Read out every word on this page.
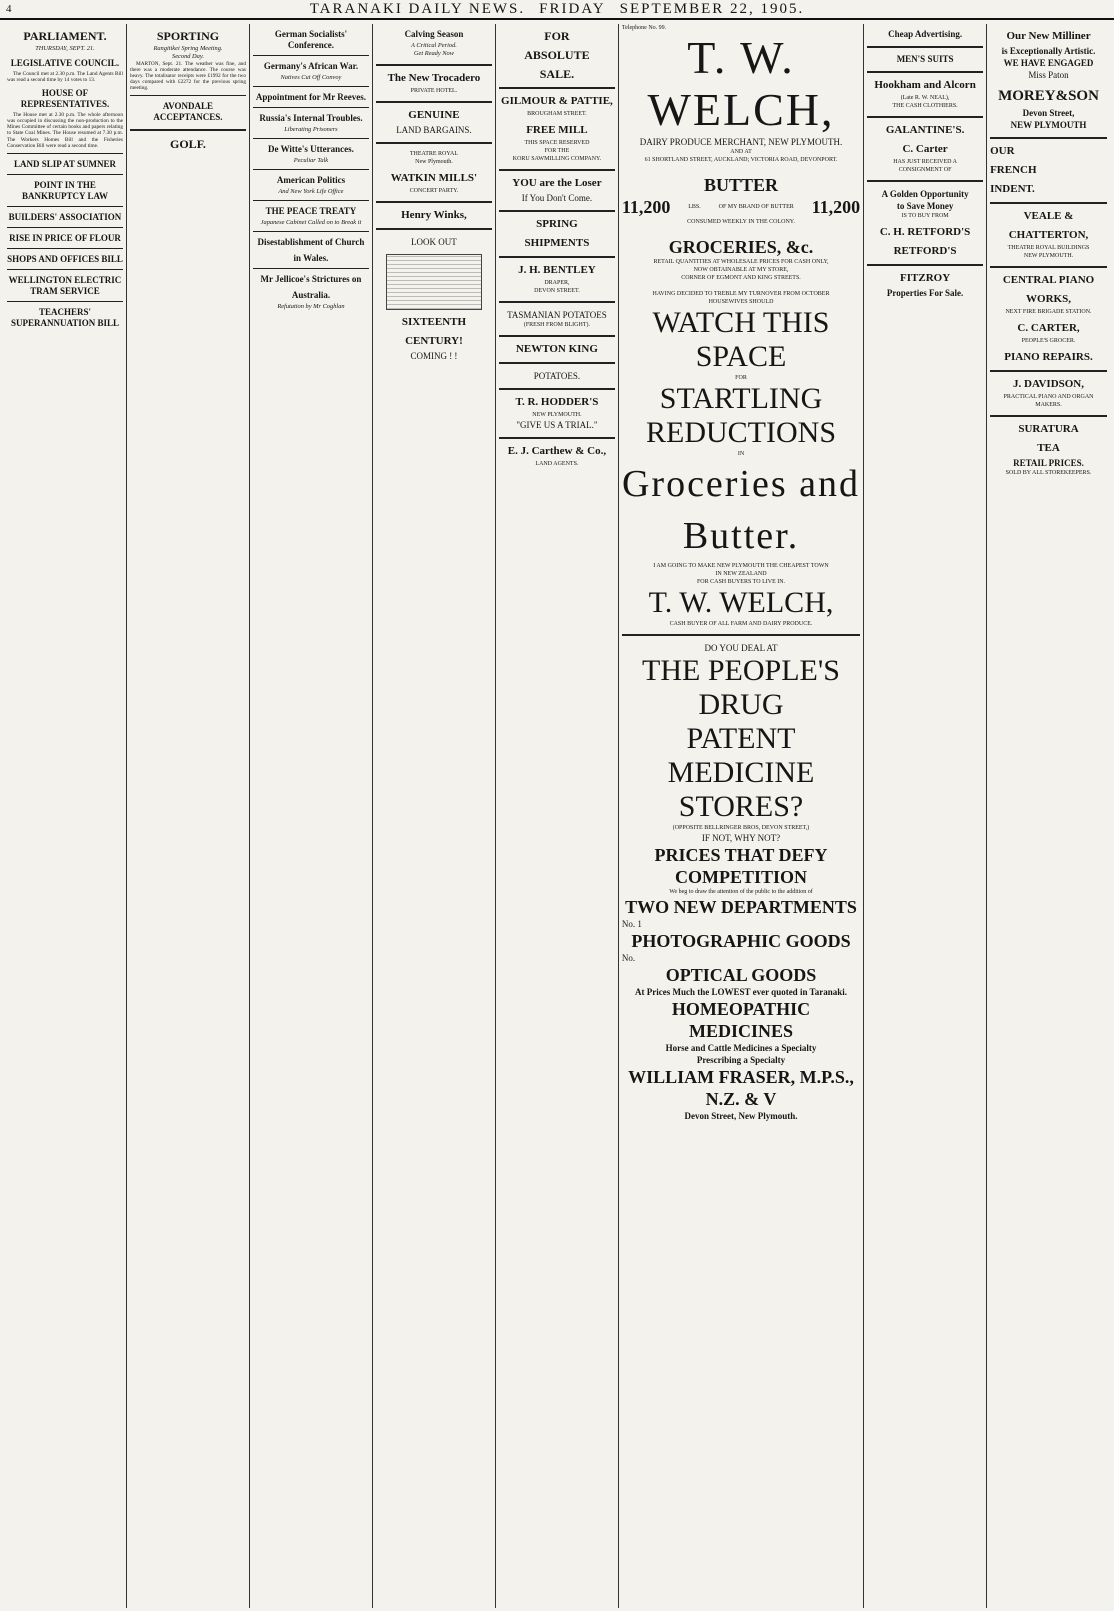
4	TARANAKI DAILY NEWS. FRIDAY SEPTEMBER 22, 1905.
PARLIAMENT.
THURSDAY, SEPT. 21.
LEGISLATIVE COUNCIL.

The Council met at 2.30 p.m. The Land Agents Bill was read a second time by 14 votes to 13.

HOUSE OF REPRESENTATIVES.

The House met at 2.30 p.m. The whole afternoon was occupied in discussing the non-production to the Mines Committee of certain books and papers relating to State Coal Mines. The House resumed at 7.30 p.m. The Workers Homes Bill and the Fisheries Conservation Bill were read a second time.

LAND SLIP AT SUMNER
POINT IN THE BANKRUPTCY LAW
BUILDERS' ASSOCIATION
RISE IN PRICE OF FLOUR
SHOPS AND OFFICES BILL
WELLINGTON ELECTRIC TRAM SERVICE
TEACHERS' SUPERANNUATION BILL
SPORTING
Rangitikei Spring Meeting.
Second Day.

MARTON, Sept. 21. The weather was fine, and there was a moderate attendance. The course was heavy. The totalisator receipts were £1992 for the two days compared with £2272 for the previous spring meeting.

AVONDALE ACCEPTANCES.
GOLF.
German Socialists' Conference.
Germany's African War.
Natives Cut Off Convoy
Appointment for Mr Reeves.
Russia's Internal Troubles.
Liberating Prisoners
De Witte's Utterances.
Peculiar Talk
American Politics
And New York Life Office
THE PEACE TREATY
Japanese Cabinet Called on to Break it
Disestablishment of Church
in Wales.
Mr Jellicoe's Strictures on
Australia.
Refutation by Mr Coghlan
Calving Season
A Critical Period.
Get Ready Now
The New Trocadero
PRIVATE HOTEL.
GENUINE
LAND BARGAINS.
THEATRE ROYAL
New Plymouth.
WATKIN MILLS'
CONCERT PARTY.
Henry Winks,
LOOK OUT
SIXTEENTH
CENTURY!
COMING ! !
FOR
ABSOLUTE
SALE.
GILMOUR & PATTIE,
BROUGHAM STREET.
FREE MILL
THIS SPACE RESERVED
FOR THE
KORU SAWMILLING COMPANY.
YOU are the Loser
If You Don't Come.
SPRING
SHIPMENTS
J. H. BENTLEY
DRAPER,
DEVON STREET.
TASMANIAN POTATOES
(FRESH FROM BLIGHT).
NEWTON KING
POTATOES.
T. R. HODDER'S
NEW PLYMOUTH.
"GIVE US A TRIAL."
E. J. Carthew & Co.,
LAND AGENTS.
Telephone No. 99.
T. W. WELCH,
DAIRY PRODUCE MERCHANT, NEW PLYMOUTH.
AND AT
61 SHORTLAND STREET, AUCKLAND; VICTORIA ROAD, DEVONPORT.
BUTTER
11,200	LBS.	OF MY BRAND OF BUTTER 11,200
CONSUMED WEEKLY IN THE COLONY.
GROCERIES, &c.
RETAIL QUANTITIES AT WHOLESALE PRICES FOR CASH ONLY,
NOW OBTAINABLE AT MY STORE,
CORNER OF EGMONT AND KING STREETS.
HAVING DECIDED TO TREBLE MY TURNOVER FROM OCTOBER
HOUSEWIVES SHOULD
WATCH THIS SPACE
FOR
STARTLING REDUCTIONS
IN
Groceries and Butter.
I AM GOING TO MAKE NEW PLYMOUTH THE CHEAPEST TOWN
IN NEW ZEALAND
FOR CASH BUYERS TO LIVE IN.
T. W. WELCH,
CASH BUYER OF ALL FARM AND DAIRY PRODUCE.
DO YOU DEAL AT
THE PEOPLE'S DRUG
PATENT MEDICINE STORES?
(OPPOSITE BELLRINGER BROS, DEVON STREET,)
IF NOT, WHY NOT?
PRICES THAT DEFY COMPETITION
We beg to draw the attention of the public to the addition of
TWO NEW DEPARTMENTS
No. 1
PHOTOGRAPHIC GOODS
No.
OPTICAL GOODS
At Prices Much the LOWEST ever quoted in Taranaki.
HOMEOPATHIC MEDICINES
Horse and Cattle Medicines a Specialty
Prescribing a Specialty
WILLIAM FRASER, M.P.S., N.Z. & V
Devon Street, New Plymouth.
Cheap Advertising.
MEN'S SUITS
Hookham and Alcorn
(Late R. W. NEAL),
THE CASH CLOTHIERS.
GALANTINE'S.
C. Carter
HAS JUST RECEIVED A
CONSIGNMENT OF
A Golden Opportunity
to Save Money
IS TO BUY FROM
C. H. RETFORD'S
RETFORD'S
FITZROY
Properties For Sale.
Our New Milliner
is Exceptionally Artistic.
WE HAVE ENGAGED
Miss Paton
MOREY&SON
Devon Street,
NEW PLYMOUTH
OUR
FRENCH
INDENT.
VEALE &
CHATTERTON,
THEATRE ROYAL BUILDINGS
NEW PLYMOUTH.
CENTRAL PIANO
WORKS,
NEXT FIRE BRIGADE STATION.
C. CARTER,
PEOPLE'S GROCER.
PIANO REPAIRS.
J. DAVIDSON,
PRACTICAL PIANO AND ORGAN MAKERS.
SURATURA
TEA
RETAIL PRICES.
SOLD BY ALL STOREKEEPERS.
